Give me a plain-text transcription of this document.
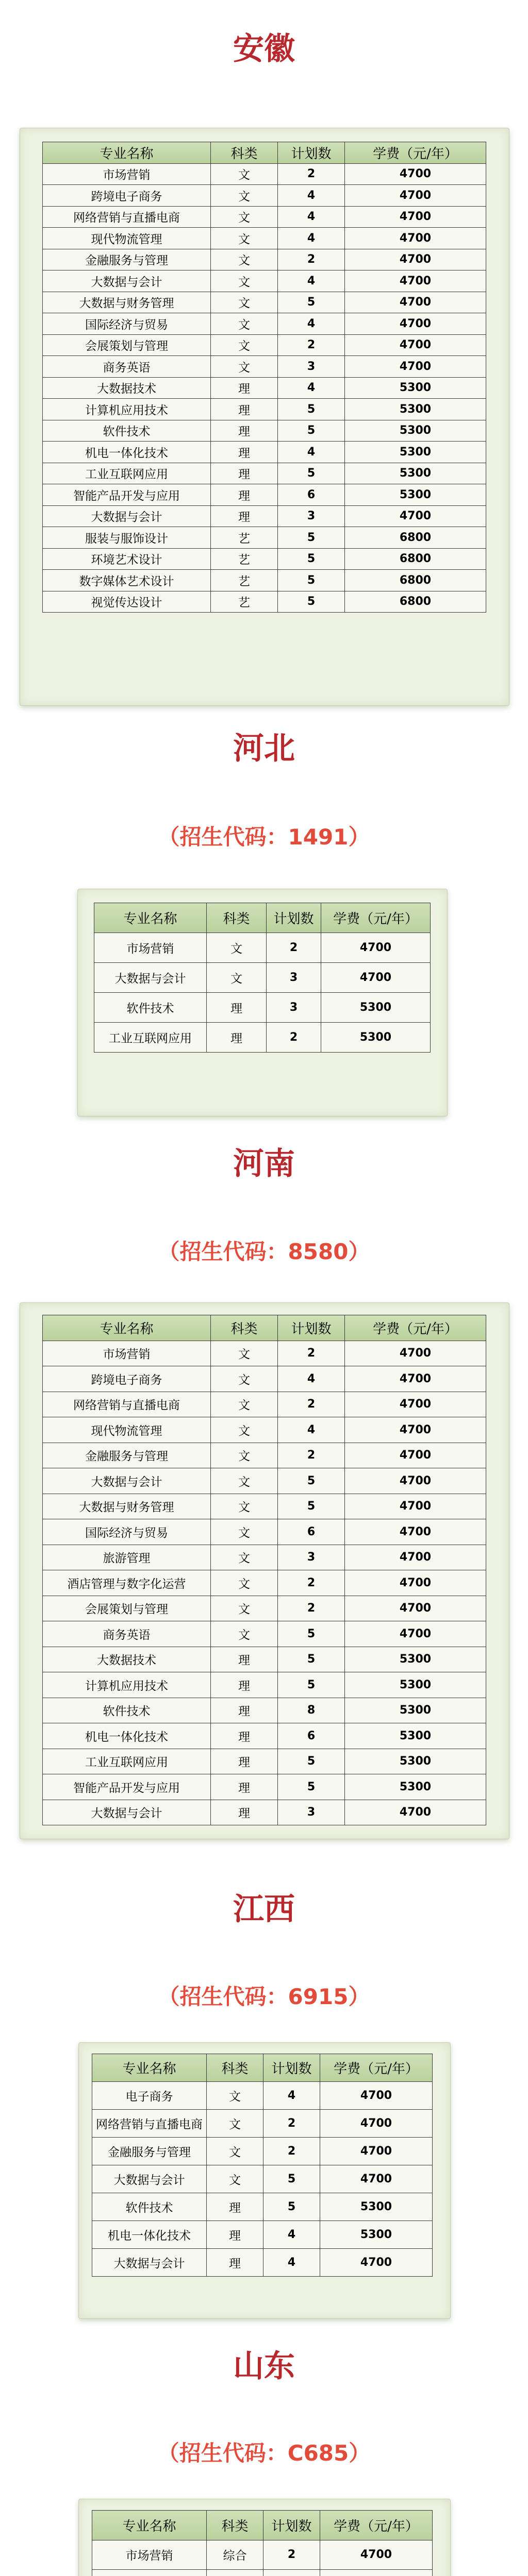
安徽
专业名称	科类	计划数	学费（元/年）
市场营销	文	2	4700
跨境电子商务	文	4	4700
网络营销与直播电商	文	4	4700
现代物流管理	文	4	4700
金融服务与管理	文	2	4700
大数据与会计	文	4	4700
大数据与财务管理	文	5	4700
国际经济与贸易	文	4	4700
会展策划与管理	文	2	4700
商务英语	文	3	4700
大数据技术	理	4	5300
计算机应用技术	理	5	5300
软件技术	理	5	5300
机电一体化技术	理	4	5300
工业互联网应用	理	5	5300
智能产品开发与应用	理	6	5300
大数据与会计	理	3	4700
服装与服饰设计	艺	5	6800
环境艺术设计	艺	5	6800
数字媒体艺术设计	艺	5	6800
视觉传达设计	艺	5	6800
河北
（招生代码：1491）
专业名称	科类	计划数	学费（元/年）
市场营销	文	2	4700
大数据与会计	文	3	4700
软件技术	理	3	5300
工业互联网应用	理	2	5300
河南
（招生代码：8580）
专业名称	科类	计划数	学费（元/年）
市场营销	文	2	4700
跨境电子商务	文	4	4700
网络营销与直播电商	文	2	4700
现代物流管理	文	4	4700
金融服务与管理	文	2	4700
大数据与会计	文	5	4700
大数据与财务管理	文	5	4700
国际经济与贸易	文	6	4700
旅游管理	文	3	4700
酒店管理与数字化运营	文	2	4700
会展策划与管理	文	2	4700
商务英语	文	5	4700
大数据技术	理	5	5300
计算机应用技术	理	5	5300
软件技术	理	8	5300
机电一体化技术	理	6	5300
工业互联网应用	理	5	5300
智能产品开发与应用	理	5	5300
大数据与会计	理	3	4700
江西
（招生代码：6915）
专业名称	科类	计划数	学费（元/年）
电子商务	文	4	4700
网络营销与直播电商	文	2	4700
金融服务与管理	文	2	4700
大数据与会计	文	5	4700
软件技术	理	5	5300
机电一体化技术	理	4	5300
大数据与会计	理	4	4700
山东
（招生代码：C685）
专业名称	科类	计划数	学费（元/年）
市场营销	综合	2	4700
